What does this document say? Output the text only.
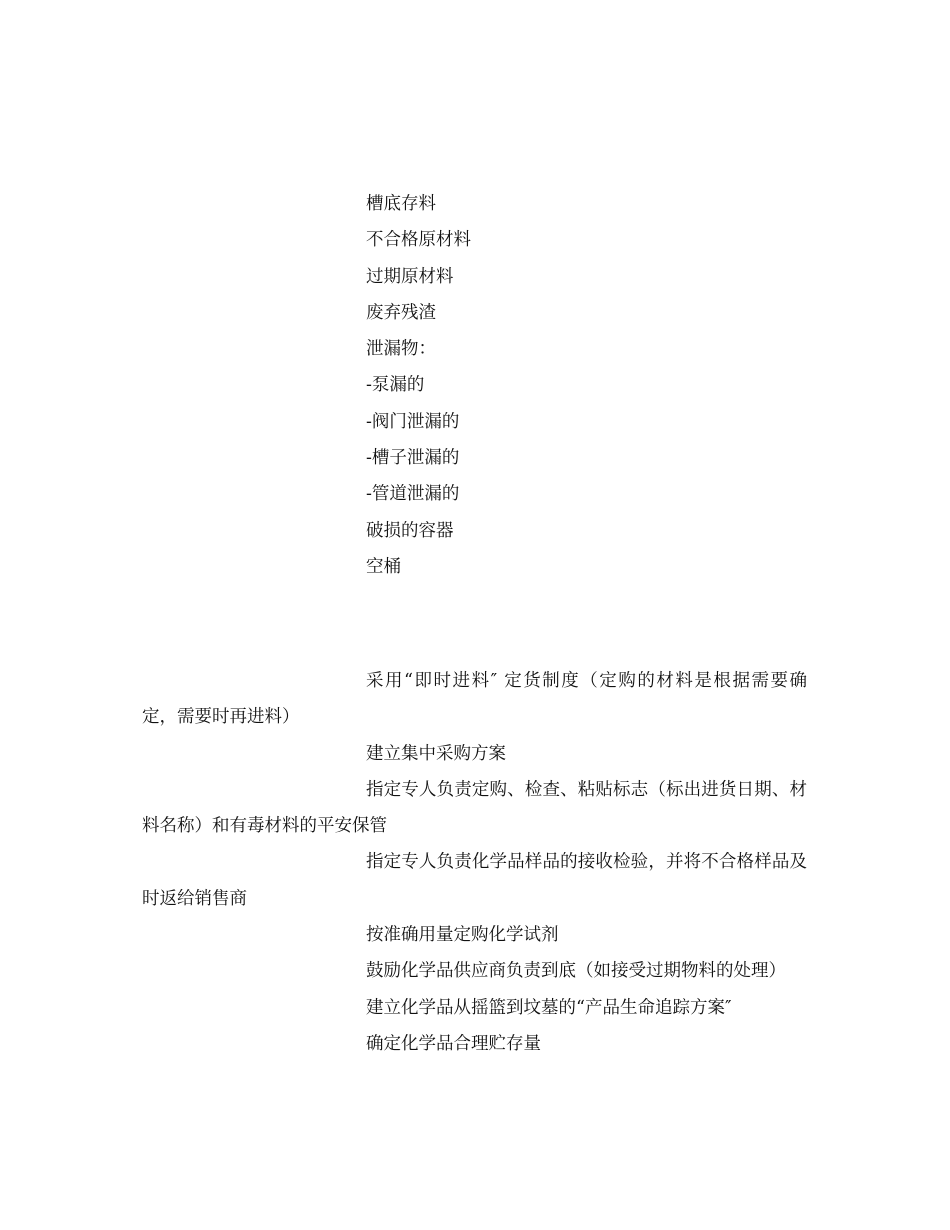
槽底存料
不合格原材料
过期原材料
废弃残渣
泄漏物：
-泵漏的
-阀门泄漏的
-槽子泄漏的
-管道泄漏的
破损的容器
空桶

采用“即时进料″ 定货制度（定购的材料是根据需要确定，需要时再进料）

建立集中采购方案

指定专人负责定购、检查、粘贴标志（标出进货日期、材料名称）和有毒材料的平安保管

指定专人负责化学品样品的接收检验，并将不合格样品及时返给销售商

按准确用量定购化学试剂

鼓励化学品供应商负责到底（如接受过期物料的处理）

建立化学品从摇篮到坟墓的“产品生命追踪方案″

确定化学品合理贮存量
